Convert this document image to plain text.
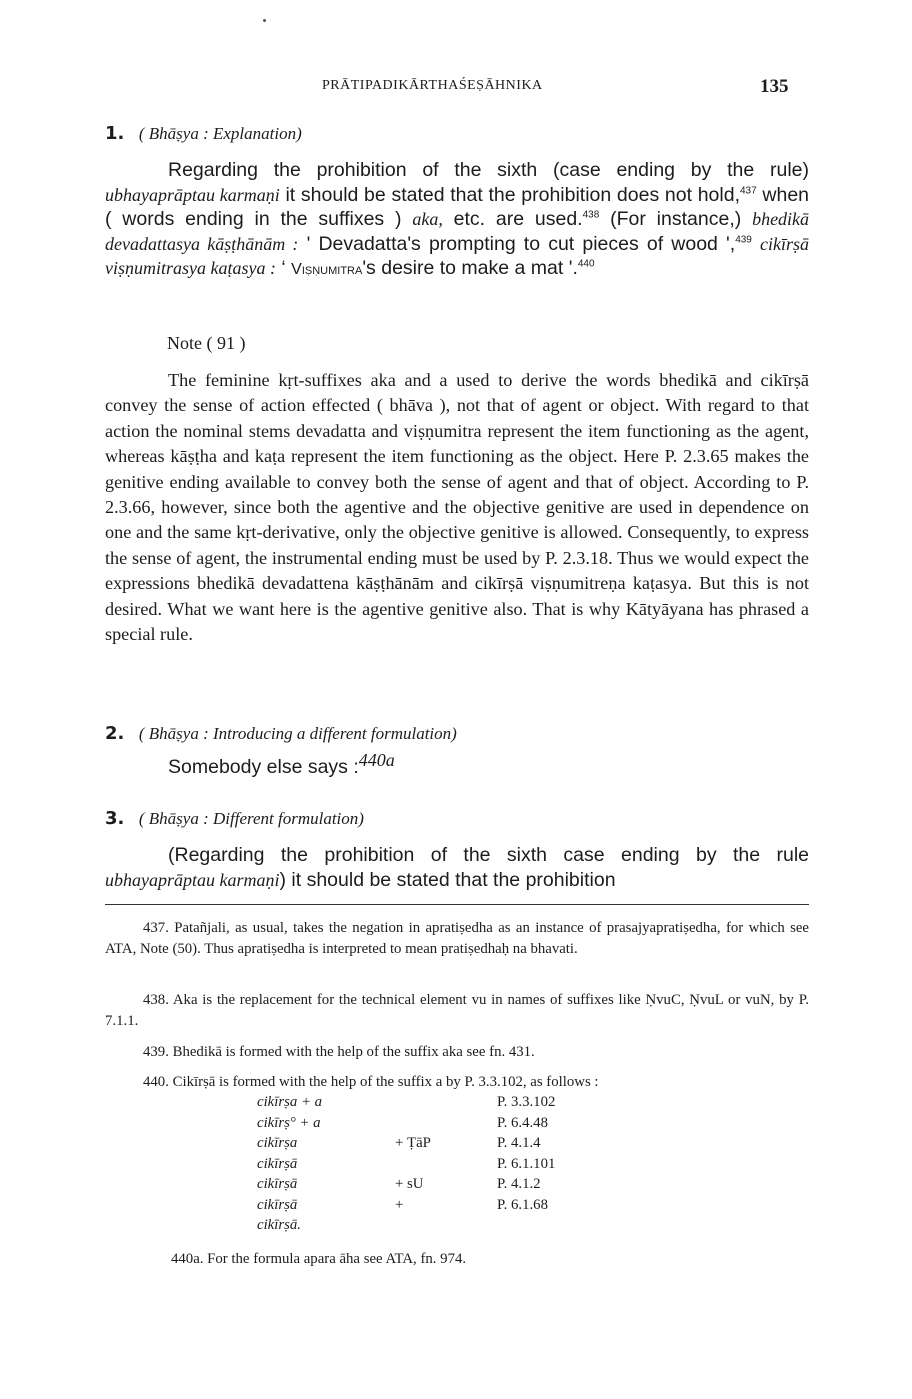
PRĀTIPADIKĀRTHAŚEṢĀHNIKA	135
1. ( Bhāṣya : Explanation)
Regarding the prohibition of the sixth (case ending by the rule) ubhayaprāptau karmaṇi it should be stated that the prohibition does not hold,$^{437}$ when ( words ending in the suffixes ) aka, etc. are used.$^{438}$ (For instance,) bhedikā devadattasya kāṣṭhānām : ' Devadatta's prompting to cut pieces of wood ',$^{439}$ cikīrṣā viṣṇumitrasya kaṭasya : ‘ Viṣṇumitra's desire to make a mat '.$^{440}$
Note ( 91 )
The feminine kṛt-suffixes aka and a used to derive the words bhedikā and cikīrṣā convey the sense of action effected ( bhāva ), not that of agent or object. With regard to that action the nominal stems devadatta and viṣṇumitra represent the item functioning as the agent, whereas kāṣṭha and kaṭa represent the item functioning as the object. Here P. 2.3.65 makes the genitive ending available to convey both the sense of agent and that of object. According to P. 2.3.66, however, since both the agentive and the objective genitive are used in dependence on one and the same kṛt-derivative, only the objective genitive is allowed. Consequently, to express the sense of agent, the instrumental ending must be used by P. 2.3.18. Thus we would expect the expressions bhedikā devadattena kāṣṭhānām and cikīrṣā viṣṇumitreṇa kaṭasya. But this is not desired. What we want here is the agentive genitive also. That is why Kātyāyana has phrased a special rule.
2. ( Bhāṣya : Introducing a different formulation)
Somebody else says :$^{440a}$
3. ( Bhāṣya : Different formulation)
(Regarding the prohibition of the sixth case ending by the rule ubhayaprāptau karmaṇi) it should be stated that the prohibition
437. Patañjali, as usual, takes the negation in apratiṣedha as an instance of prasajyapratiṣedha, for which see ATA, Note (50). Thus apratiṣedha is interpreted to mean pratiṣedhaḥ na bhavati.
438. Aka is the replacement for the technical element vu in names of suffixes like ṆvuC, ṆvuL or vuN, by P. 7.1.1.
439. Bhedikā is formed with the help of the suffix aka see fn. 431.
440. Cikīrṣā is formed with the help of the suffix a by P. 3.3.102, as follows :
cikīrṣa + a	P. 3.3.102
cikīrṣ° + a	P. 6.4.48
cikīrṣa	+ ṬāP	P. 4.1.4
cikīrṣā	P. 6.1.101
cikīrṣā	+ sU	P. 4.1.2
cikīrṣā	+	P. 6.1.68
cikīrṣā.
440a. For the formula apara āha see ATA, fn. 974.
